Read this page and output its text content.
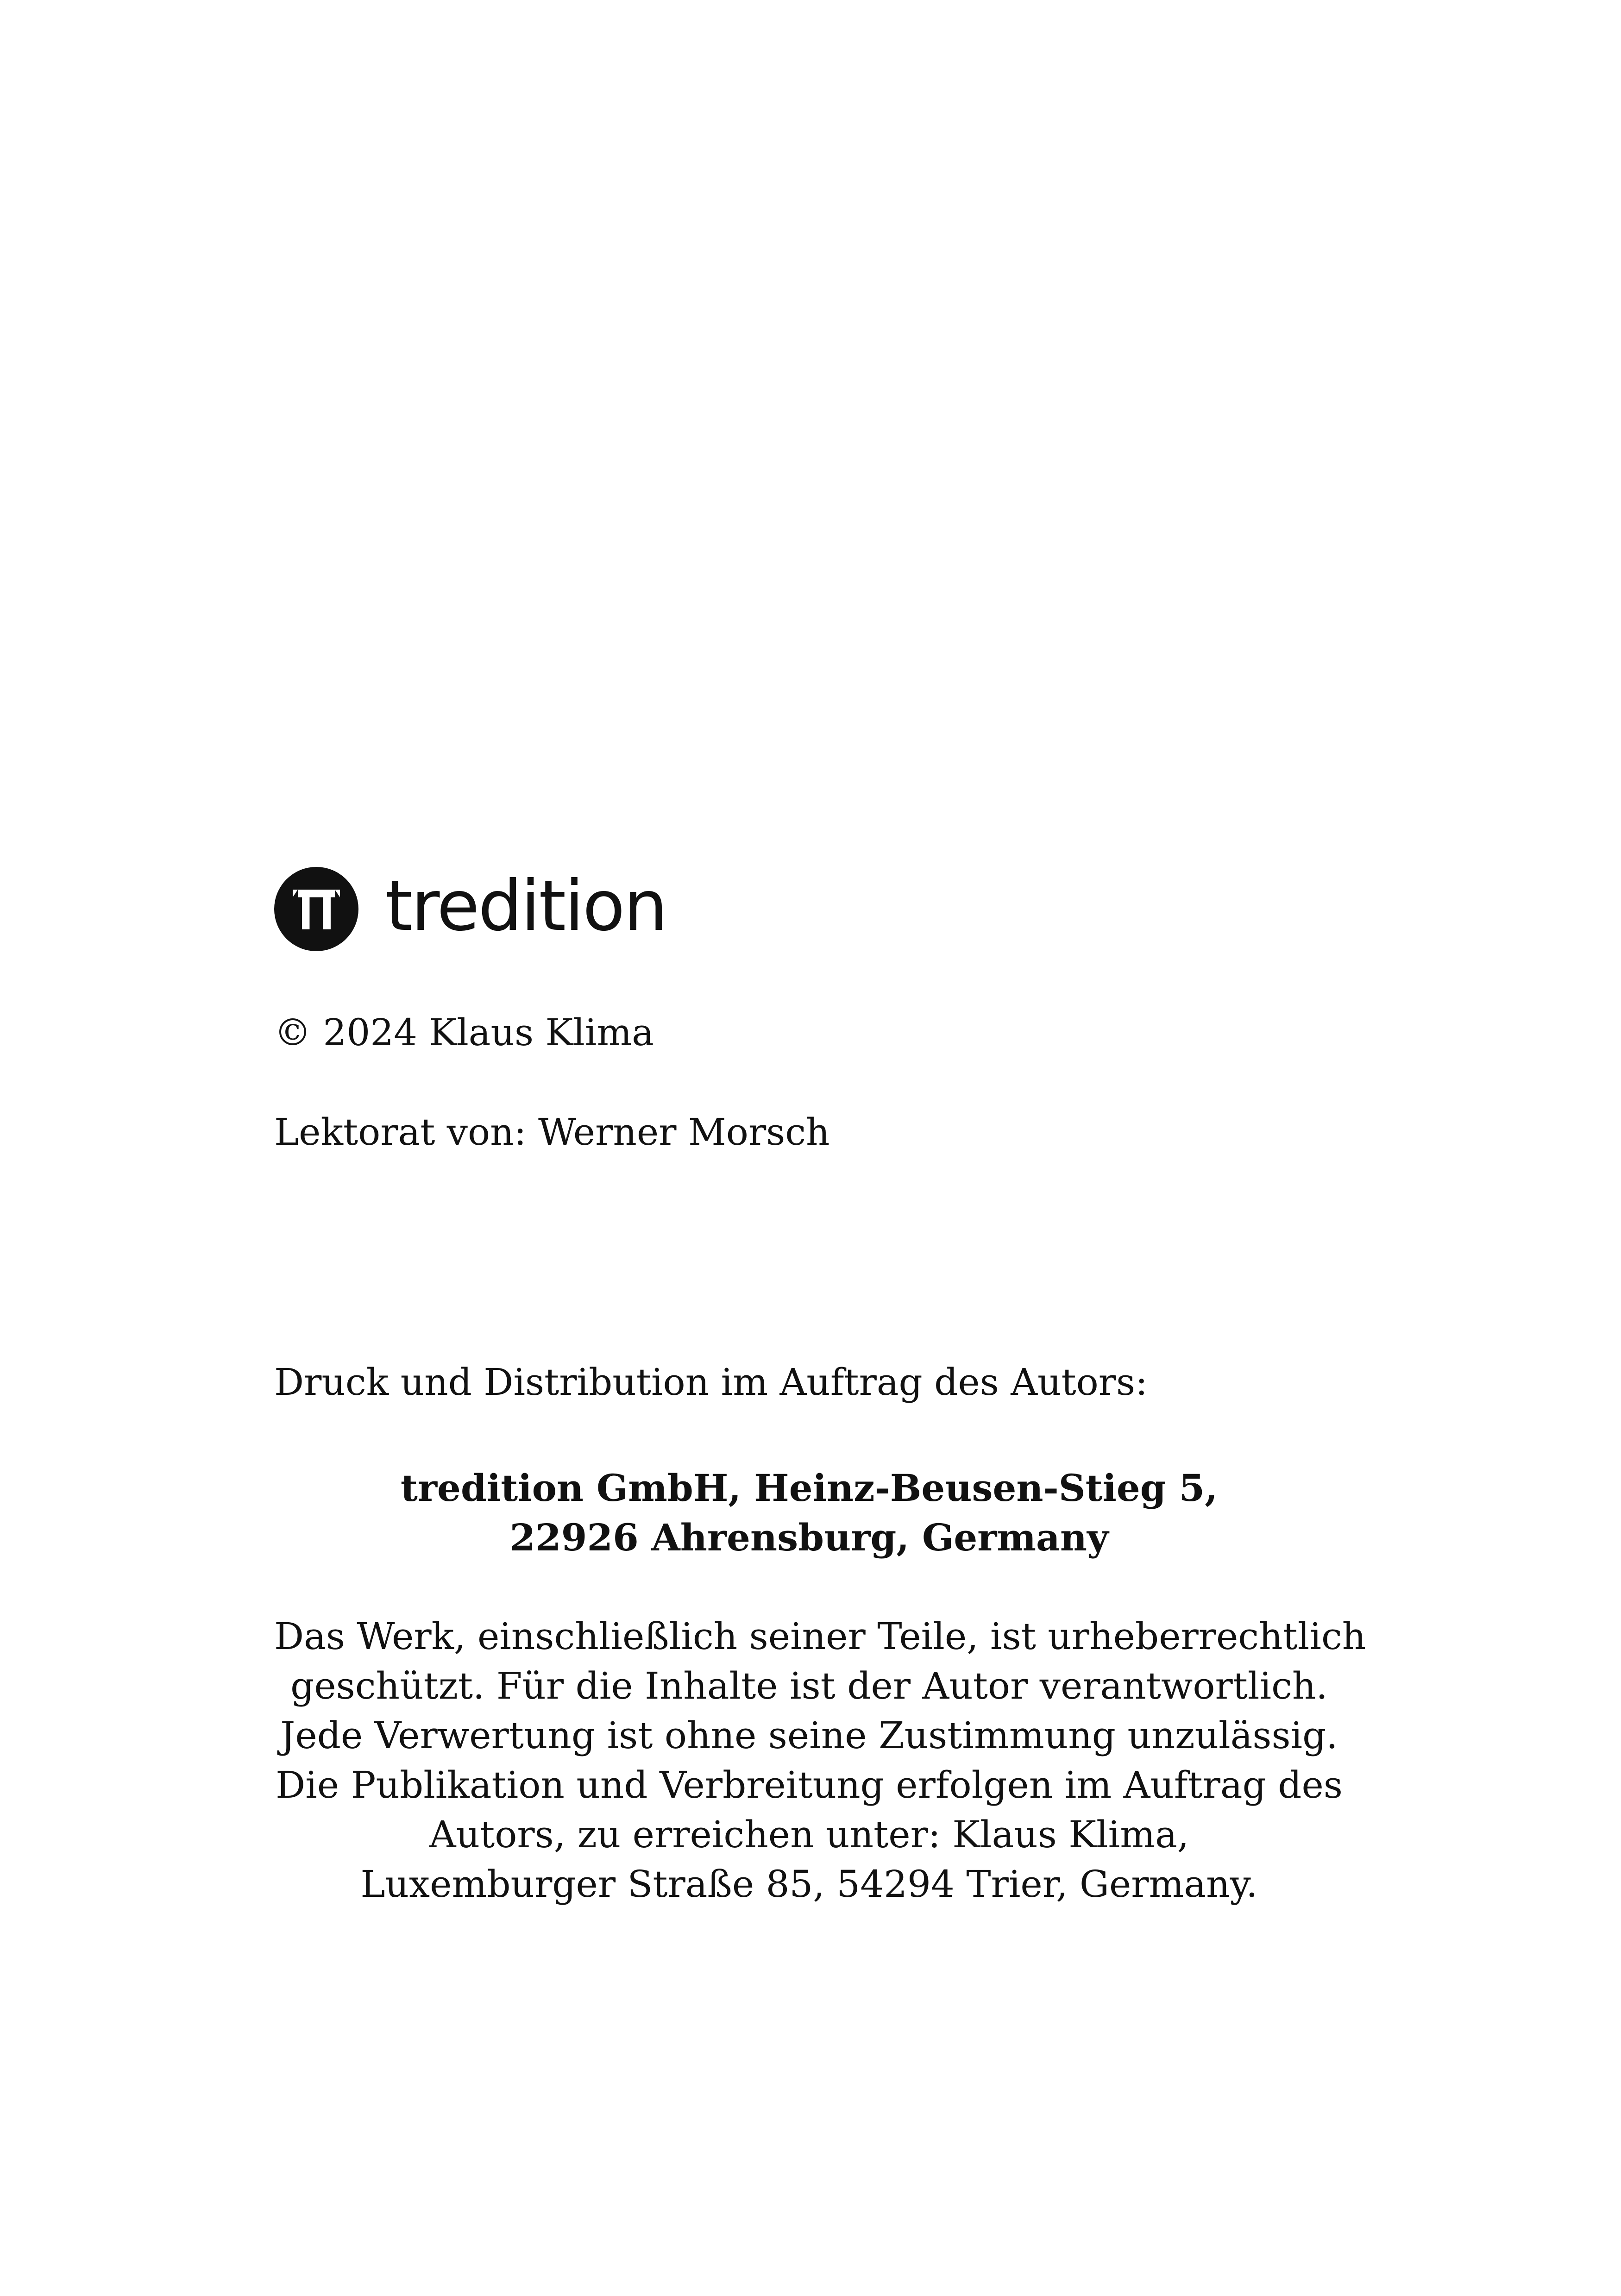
tredition
© 2024 Klaus Klima
Lektorat von: Werner Morsch
Druck und Distribution im Auftrag des Autors:
tredition GmbH, Heinz-Beusen-Stieg 5,
22926 Ahrensburg, Germany
Das Werk, einschließlich seiner Teile, ist urheberrechtlich
geschützt. Für die Inhalte ist der Autor verantwortlich.
Jede Verwertung ist ohne seine Zustimmung unzulässig.
Die Publikation und Verbreitung erfolgen im Auftrag des
Autors, zu erreichen unter: Klaus Klima,
Luxemburger Straße 85, 54294 Trier, Germany.
